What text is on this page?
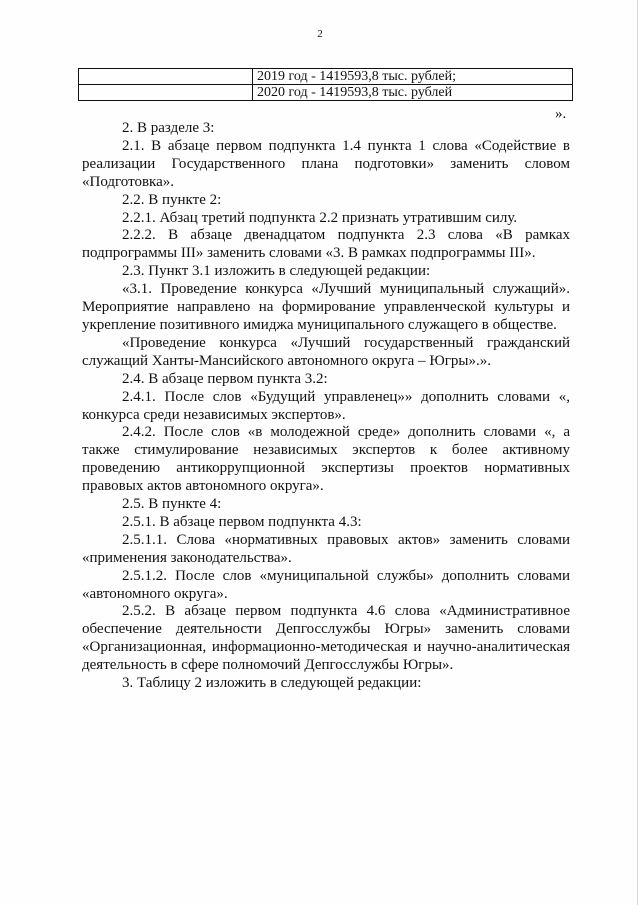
2
	2019 год - 1419593,8 тыс. рублей;
	2020 год - 1419593,8 тыс. рублей
».

2. В разделе 3:

2.1. В абзаце первом подпункта 1.4 пункта 1 слова «Содействие в реализации Государственного плана подготовки» заменить словом «Подготовка».

2.2. В пункте 2:

2.2.1. Абзац третий подпункта 2.2 признать утратившим силу.

2.2.2. В абзаце двенадцатом подпункта 2.3 слова «В рамках подпрограммы III» заменить словами «3. В рамках подпрограммы III».

2.3. Пункт 3.1 изложить в следующей редакции:

«3.1. Проведение конкурса «Лучший муниципальный служащий». Мероприятие направлено на формирование управленческой культуры и укрепление позитивного имиджа муниципального служащего в обществе.

«Проведение конкурса «Лучший государственный гражданский служащий Ханты-Мансийского автономного округа – Югры».».

2.4. В абзаце первом пункта 3.2:

2.4.1. После слов «Будущий управленец»» дополнить словами «, конкурса среди независимых экспертов».

2.4.2. После слов «в молодежной среде» дополнить словами «, а также стимулирование независимых экспертов к более активному проведению антикоррупционной экспертизы проектов нормативных правовых актов автономного округа».

2.5. В пункте 4:

2.5.1. В абзаце первом подпункта 4.3:

2.5.1.1. Слова «нормативных правовых актов» заменить словами «применения законодательства».

2.5.1.2. После слов «муниципальной службы» дополнить словами «автономного округа».

2.5.2. В абзаце первом подпункта 4.6 слова «Административное обеспечение деятельности Депгосслужбы Югры» заменить словами «Организационная, информационно-методическая и научно-аналитическая деятельность в сфере полномочий Депгосслужбы Югры».

3. Таблицу 2 изложить в следующей редакции:
